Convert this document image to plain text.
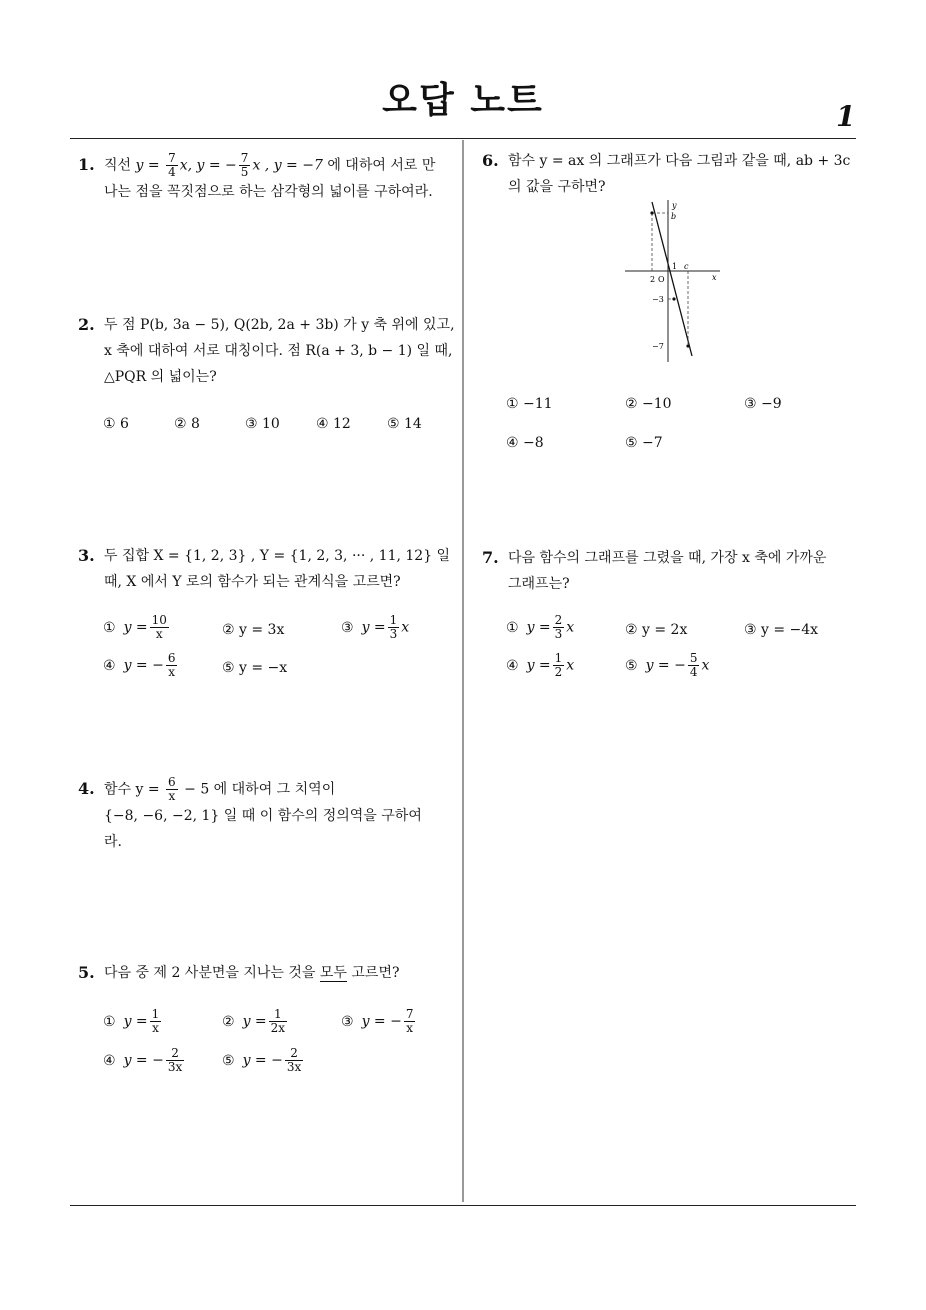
오답 노트	1
1. 직선 $y = \frac{7}{4} x$, y = − $\frac{7}{5}$ x , y = −7 에 대하여 서로 만
나는 점을 꼭짓점으로 하는 삼각형의 넓이를 구하여라.
2. 두 점 P(b, 3a − 5), Q(2b, 2a + 3b) 가 y 축 위에 있고,
x 축에 대하여 서로 대칭이다. 점 R(a + 3, b − 1) 일 때,
△PQR 의 넓이는?
① 6	② 8	③ 10	④ 12	⑤ 14
3. 두 집합 X = {1, 2, 3} , Y = {1, 2, 3, ··· , 11, 12} 일
때, X 에서 Y 로의 함수가 되는 관계식을 고르면?
① $y = \frac{10}{x}$	② y = 3x	③ $y = \frac{1}{3}$ x
④ y = − $\frac{6}{x}$	⑤ y = −x
4. 함수 $y = \frac{6}{x} - 5$ 에 대하여 그 치역이
{−8, −6, −2, 1} 일 때 이 함수의 정의역을 구하여
라.
5. 다음 중 제 2 사분면을 지나는 것을 모두 고르면?
① $y = \frac{1}{x}$	② $y = \frac{1}{2x}$	③ y = − $\frac{7}{x}$
④ y = − $\frac{2}{3x}$	⑤ y = − $\frac{2}{3x}$
6. 함수 y = ax 의 그래프가 다음 그림과 같을 때, ab + 3c
의 값을 구하면?
y
x
b
1 c
2 O
−3
−7
① −11	② −10	③ −9
④ −8	⑤ −7
7. 다음 함수의 그래프를 그렸을 때, 가장 x 축에 가까운
그래프는?
① $y = \frac{2}{3}$ x	② y = 2x	③ y = −4x
④ $y = \frac{1}{2}$ x	⑤ y = − $\frac{5}{4}$ x
